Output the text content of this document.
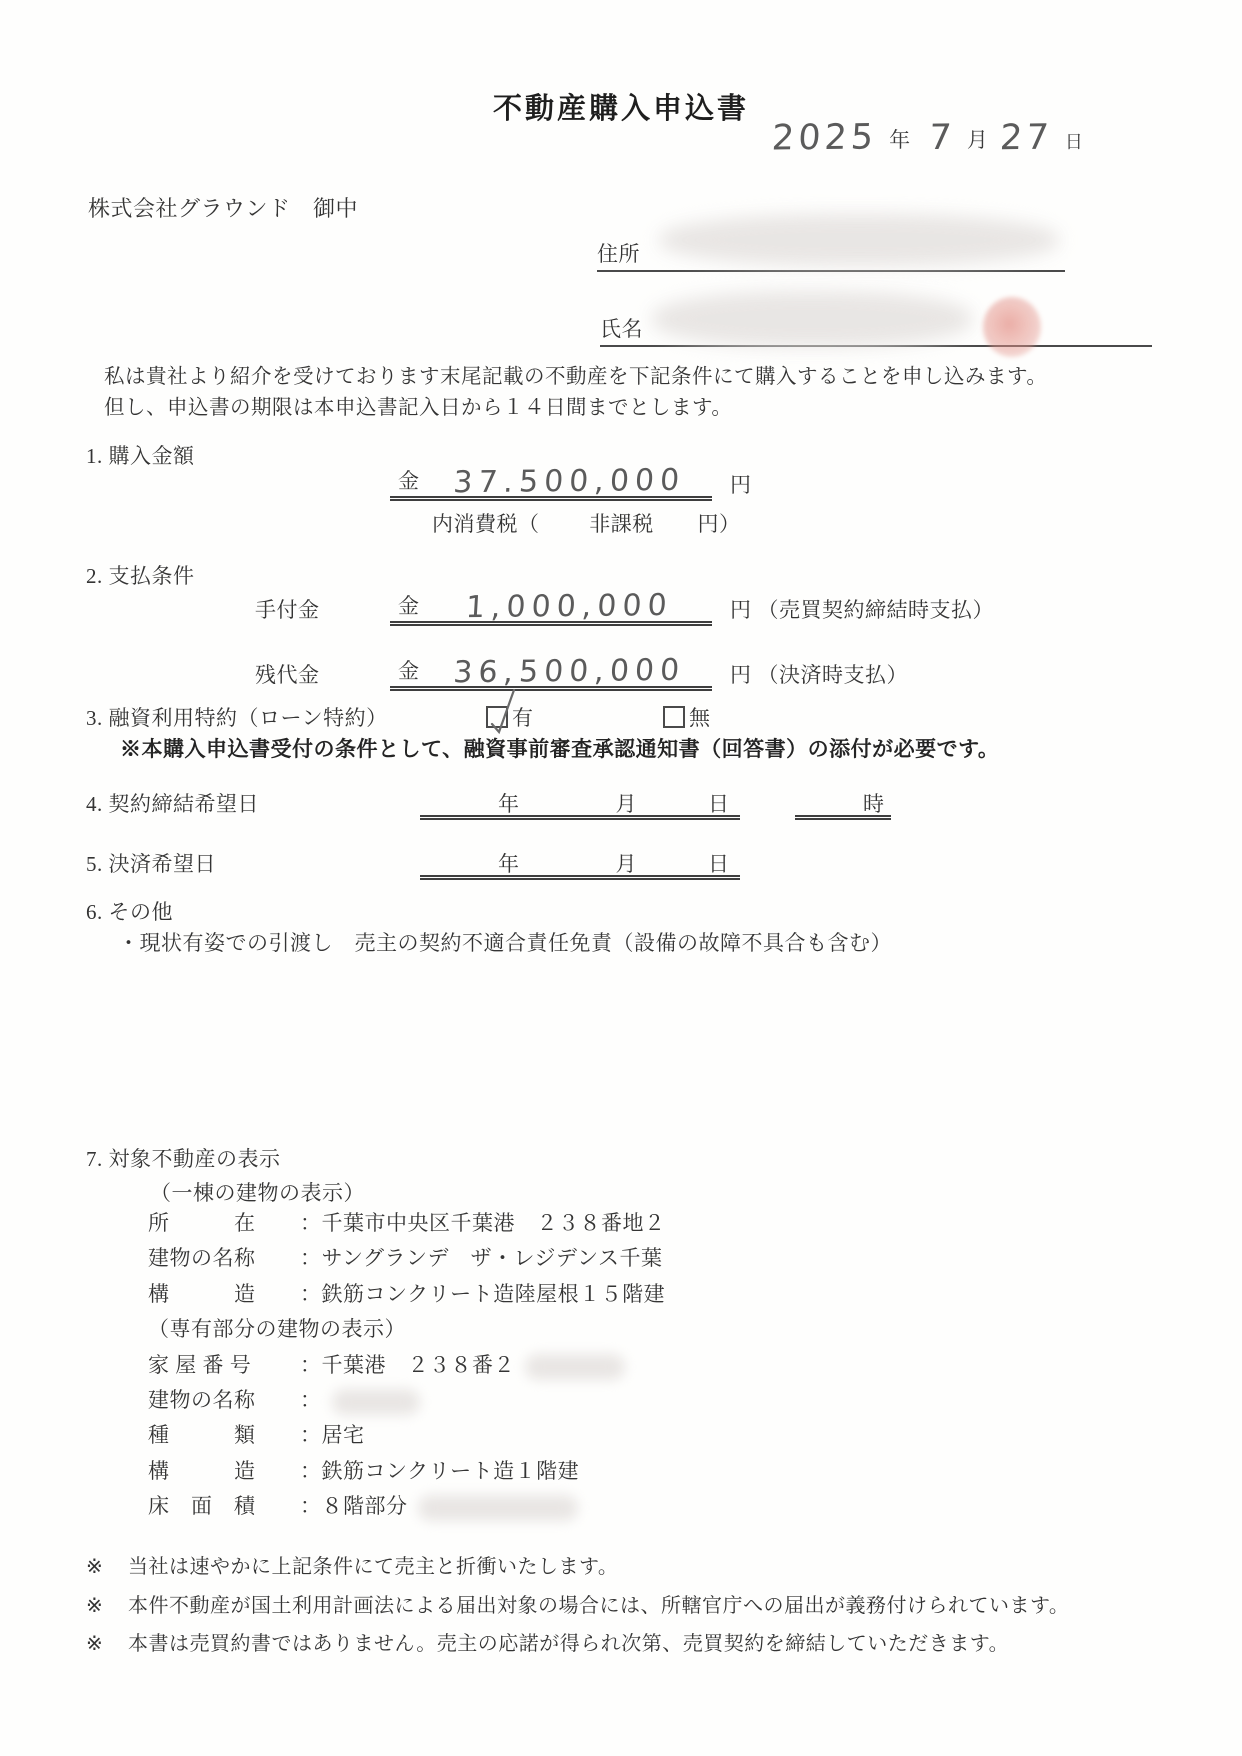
不動産購入申込書
2025 年 7 月 27 日
株式会社グラウンド　御中
住所
氏名
私は貴社より紹介を受けております末尾記載の不動産を下記条件にて購入することを申し込みます。
但し、申込書の期限は本申込書記入日から１４日間までとします。
1. 購入金額
金	37.500,000	円
内消費税（ 非課税 円）
2. 支払条件
手付金	金	1,000,000	円 （売買契約締結時支払）
残代金	金	36,500,000	円 （決済時支払）
3. 融資利用特約（ローン特約）	有	無
※本購入申込書受付の条件として、融資事前審査承認通知書（回答書）の添付が必要です。
4. 契約締結希望日	年	月	日	時
5. 決済希望日	年	月	日
6. その他
・現状有姿での引渡し　売主の契約不適合責任免責（設備の故障不具合も含む）
7. 対象不動産の表示
（一棟の建物の表示）
所　　　在 ：千葉市中央区千葉港　２３８番地２
建物の名称 ：サングランデ　ザ・レジデンス千葉
構　　　造 ：鉄筋コンクリート造陸屋根１５階建
（専有部分の建物の表示）
家 屋 番 号 ：千葉港　２３８番２
建物の名称 ：
種　　　類 ：居宅
構　　　造 ：鉄筋コンクリート造１階建
床　面　積 ：８階部分
※	当社は速やかに上記条件にて売主と折衝いたします。
※	本件不動産が国土利用計画法による届出対象の場合には、所轄官庁への届出が義務付けられています。
※	本書は売買約書ではありません。売主の応諾が得られ次第、売買契約を締結していただきます。
